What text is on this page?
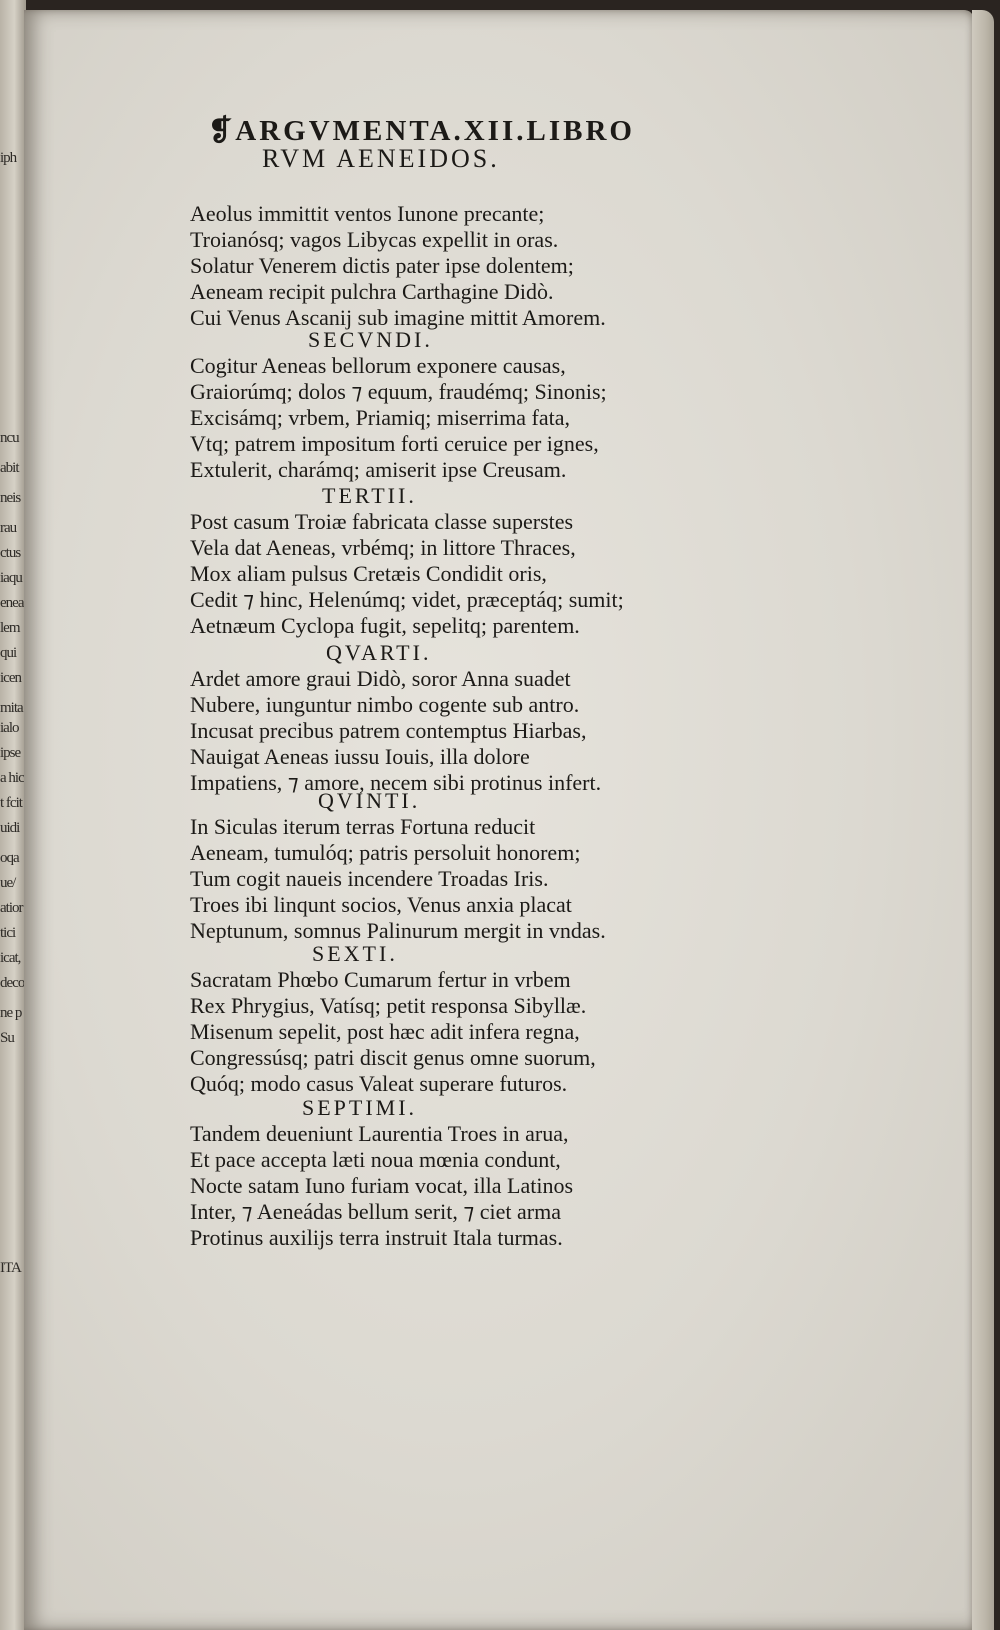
iph
ncu
abit
neis
rau
ctus
iaqu
enea
lem
qui
icen
mita
ialo
ipse
a hic
t fcit
uidi
oqa
ue/
atior
tici
icat,
deco
ne p
Su
ITA
❡ARGVMENTA.XII.LIBRO
RVM AENEIDOS.
Aeolus immittit ventos Iunone precante;
Troianósq; vagos Libycas expellit in oras.
Solatur Venerem dictis pater ipse dolentem;
Aeneam recipit pulchra Carthagine Didò.
Cui Venus Ascanij sub imagine mittit Amorem.
SECVNDI.
Cogitur Aeneas bellorum exponere causas,
Graiorúmq; dolos ⁊ equum, fraudémq; Sinonis;
Excisámq; vrbem, Priamiq; miserrima fata,
Vtq; patrem impositum forti ceruice per ignes,
Extulerit, charámq; amiserit ipse Creusam.
TERTII.
Post casum Troiæ fabricata classe superstes
Vela dat Aeneas, vrbémq; in littore Thraces,
Mox aliam pulsus Cretæis Condidit oris,
Cedit ⁊ hinc, Helenúmq; videt, præceptáq; sumit;
Aetnæum Cyclopa fugit, sepelitq; parentem.
QVARTI.
Ardet amore graui Didò, soror Anna suadet
Nubere, iunguntur nimbo cogente sub antro.
Incusat precibus patrem contemptus Hiarbas,
Nauigat Aeneas iussu Iouis, illa dolore
Impatiens, ⁊ amore, necem sibi protinus infert.
QVINTI.
In Siculas iterum terras Fortuna reducit
Aeneam, tumulóq; patris persoluit honorem;
Tum cogit naueis incendere Troadas Iris.
Troes ibi linqunt socios, Venus anxia placat
Neptunum, somnus Palinurum mergit in vndas.
SEXTI.
Sacratam Phœbo Cumarum fertur in vrbem
Rex Phrygius, Vatísq; petit responsa Sibyllæ.
Misenum sepelit, post hæc adit infera regna,
Congressúsq; patri discit genus omne suorum,
Quóq; modo casus Valeat superare futuros.
SEPTIMI.
Tandem deueniunt Laurentia Troes in arua,
Et pace accepta læti noua mœnia condunt,
Nocte satam Iuno furiam vocat, illa Latinos
Inter, ⁊ Aeneádas bellum serit, ⁊ ciet arma
Protinus auxilijs terra instruit Itala turmas.
